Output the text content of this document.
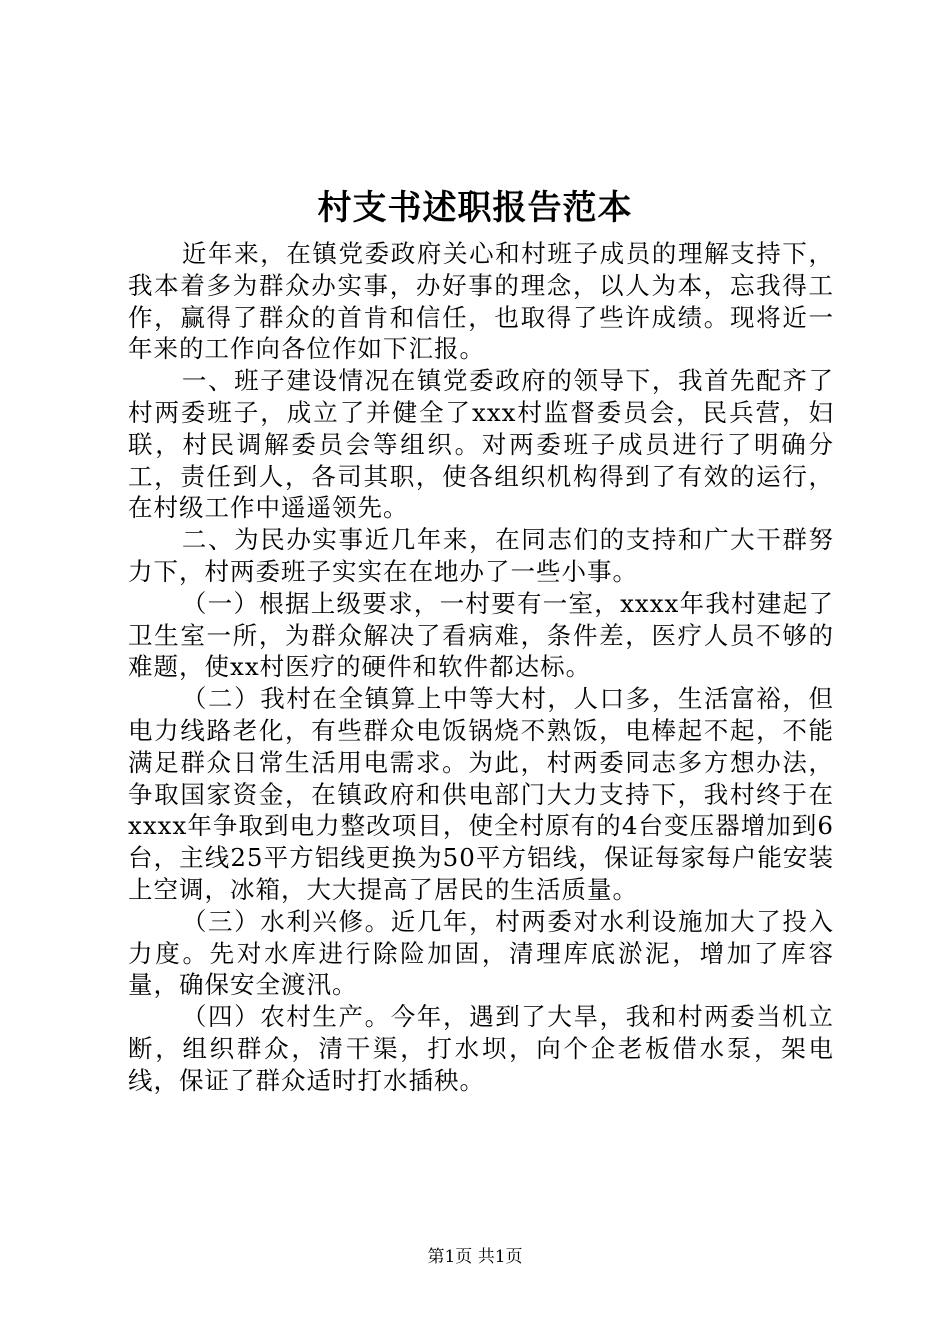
村支书述职报告范本

近年来，在镇党委政府关心和村班子成员的理解支持下，我本着多为群众办实事，办好事的理念，以人为本，忘我得工作，赢得了群众的首肯和信任，也取得了些许成绩。现将近一年来的工作向各位作如下汇报。

一、班子建设情况在镇党委政府的领导下，我首先配齐了村两委班子，成立了并健全了xxx村监督委员会，民兵营，妇联，村民调解委员会等组织。对两委班子成员进行了明确分工，责任到人，各司其职，使各组织机构得到了有效的运行，在村级工作中遥遥领先。

二、为民办实事近几年来，在同志们的支持和广大干群努力下，村两委班子实实在在地办了一些小事。

（一）根据上级要求，一村要有一室，xxxx年我村建起了卫生室一所，为群众解决了看病难，条件差，医疗人员不够的难题，使xx村医疗的硬件和软件都达标。

（二）我村在全镇算上中等大村，人口多，生活富裕，但电力线路老化，有些群众电饭锅烧不熟饭，电棒起不起，不能满足群众日常生活用电需求。为此，村两委同志多方想办法，争取国家资金，在镇政府和供电部门大力支持下，我村终于在xxxx年争取到电力整改项目，使全村原有的4台变压器增加到6台，主线25平方铝线更换为50平方铝线，保证每家每户能安装上空调，冰箱，大大提高了居民的生活质量。

（三）水利兴修。近几年，村两委对水利设施加大了投入力度。先对水库进行除险加固，清理库底淤泥，增加了库容量，确保安全渡汛。

（四）农村生产。今年，遇到了大旱，我和村两委当机立断，组织群众，清干渠，打水坝，向个企老板借水泵，架电线，保证了群众适时打水插秧。

第1页 共1页
